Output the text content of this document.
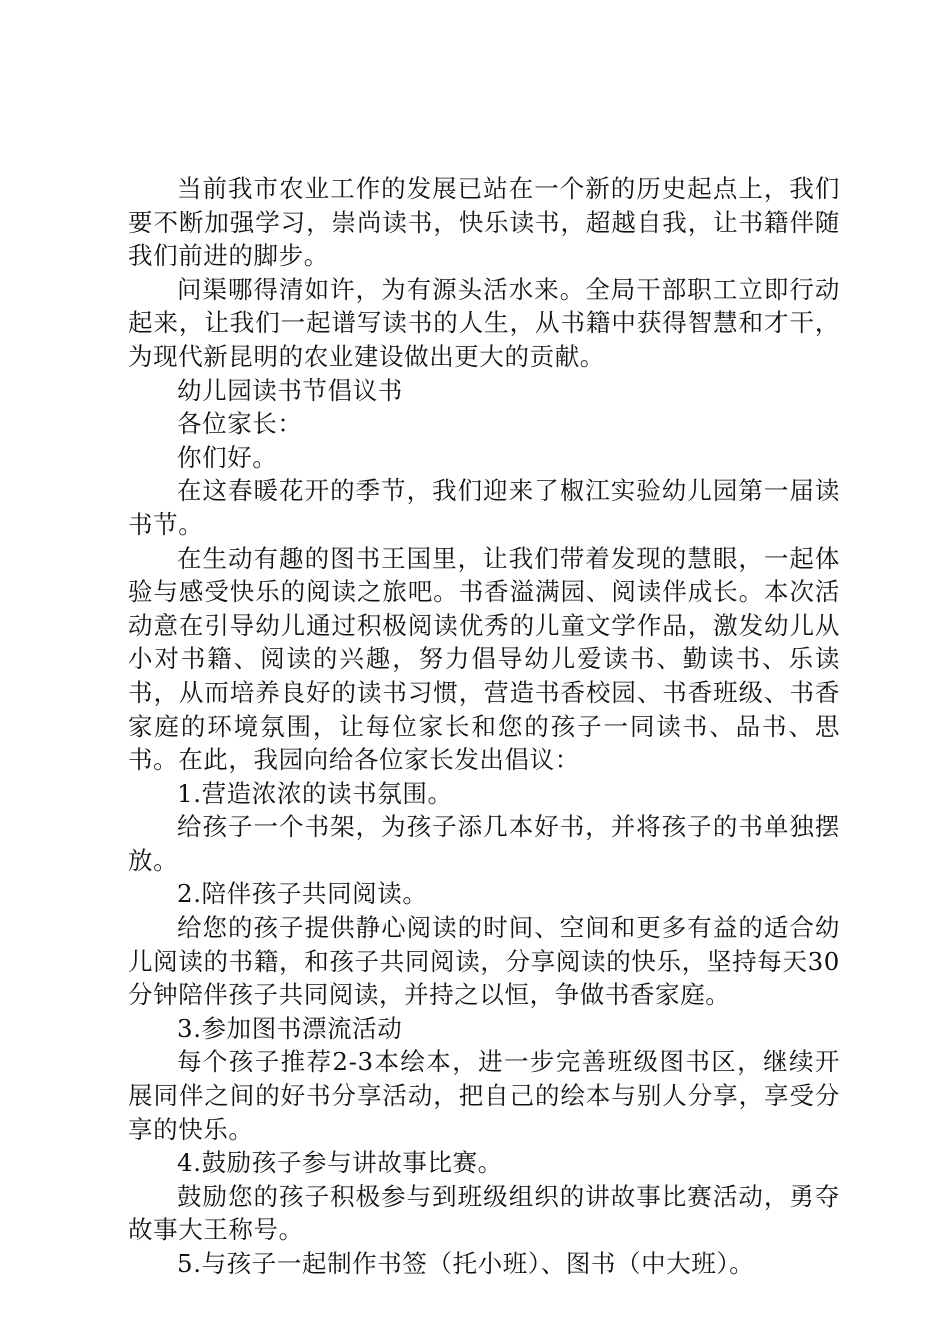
当前我市农业工作的发展已站在一个新的历史起点上，我们要不断加强学习，崇尚读书，快乐读书，超越自我，让书籍伴随我们前进的脚步。

问渠哪得清如许，为有源头活水来。全局干部职工立即行动起来，让我们一起谱写读书的人生，从书籍中获得智慧和才干，为现代新昆明的农业建设做出更大的贡献。

幼儿园读书节倡议书

各位家长：

你们好。

在这春暖花开的季节，我们迎来了椒江实验幼儿园第一届读书节。

在生动有趣的图书王国里，让我们带着发现的慧眼，一起体验与感受快乐的阅读之旅吧。书香溢满园、阅读伴成长。本次活动意在引导幼儿通过积极阅读优秀的儿童文学作品，激发幼儿从小对书籍、阅读的兴趣，努力倡导幼儿爱读书、勤读书、乐读书，从而培养良好的读书习惯，营造书香校园、书香班级、书香家庭的环境氛围，让每位家长和您的孩子一同读书、品书、思书。在此，我园向给各位家长发出倡议：

1.营造浓浓的读书氛围。

给孩子一个书架，为孩子添几本好书，并将孩子的书单独摆放。

2.陪伴孩子共同阅读。

给您的孩子提供静心阅读的时间、空间和更多有益的适合幼儿阅读的书籍，和孩子共同阅读，分享阅读的快乐，坚持每天30分钟陪伴孩子共同阅读，并持之以恒，争做书香家庭。

3.参加图书漂流活动

每个孩子推荐2-3本绘本，进一步完善班级图书区，继续开展同伴之间的好书分享活动，把自己的绘本与别人分享，享受分享的快乐。

4.鼓励孩子参与讲故事比赛。

鼓励您的孩子积极参与到班级组织的讲故事比赛活动，勇夺故事大王称号。

5.与孩子一起制作书签（托小班）、图书（中大班）。
